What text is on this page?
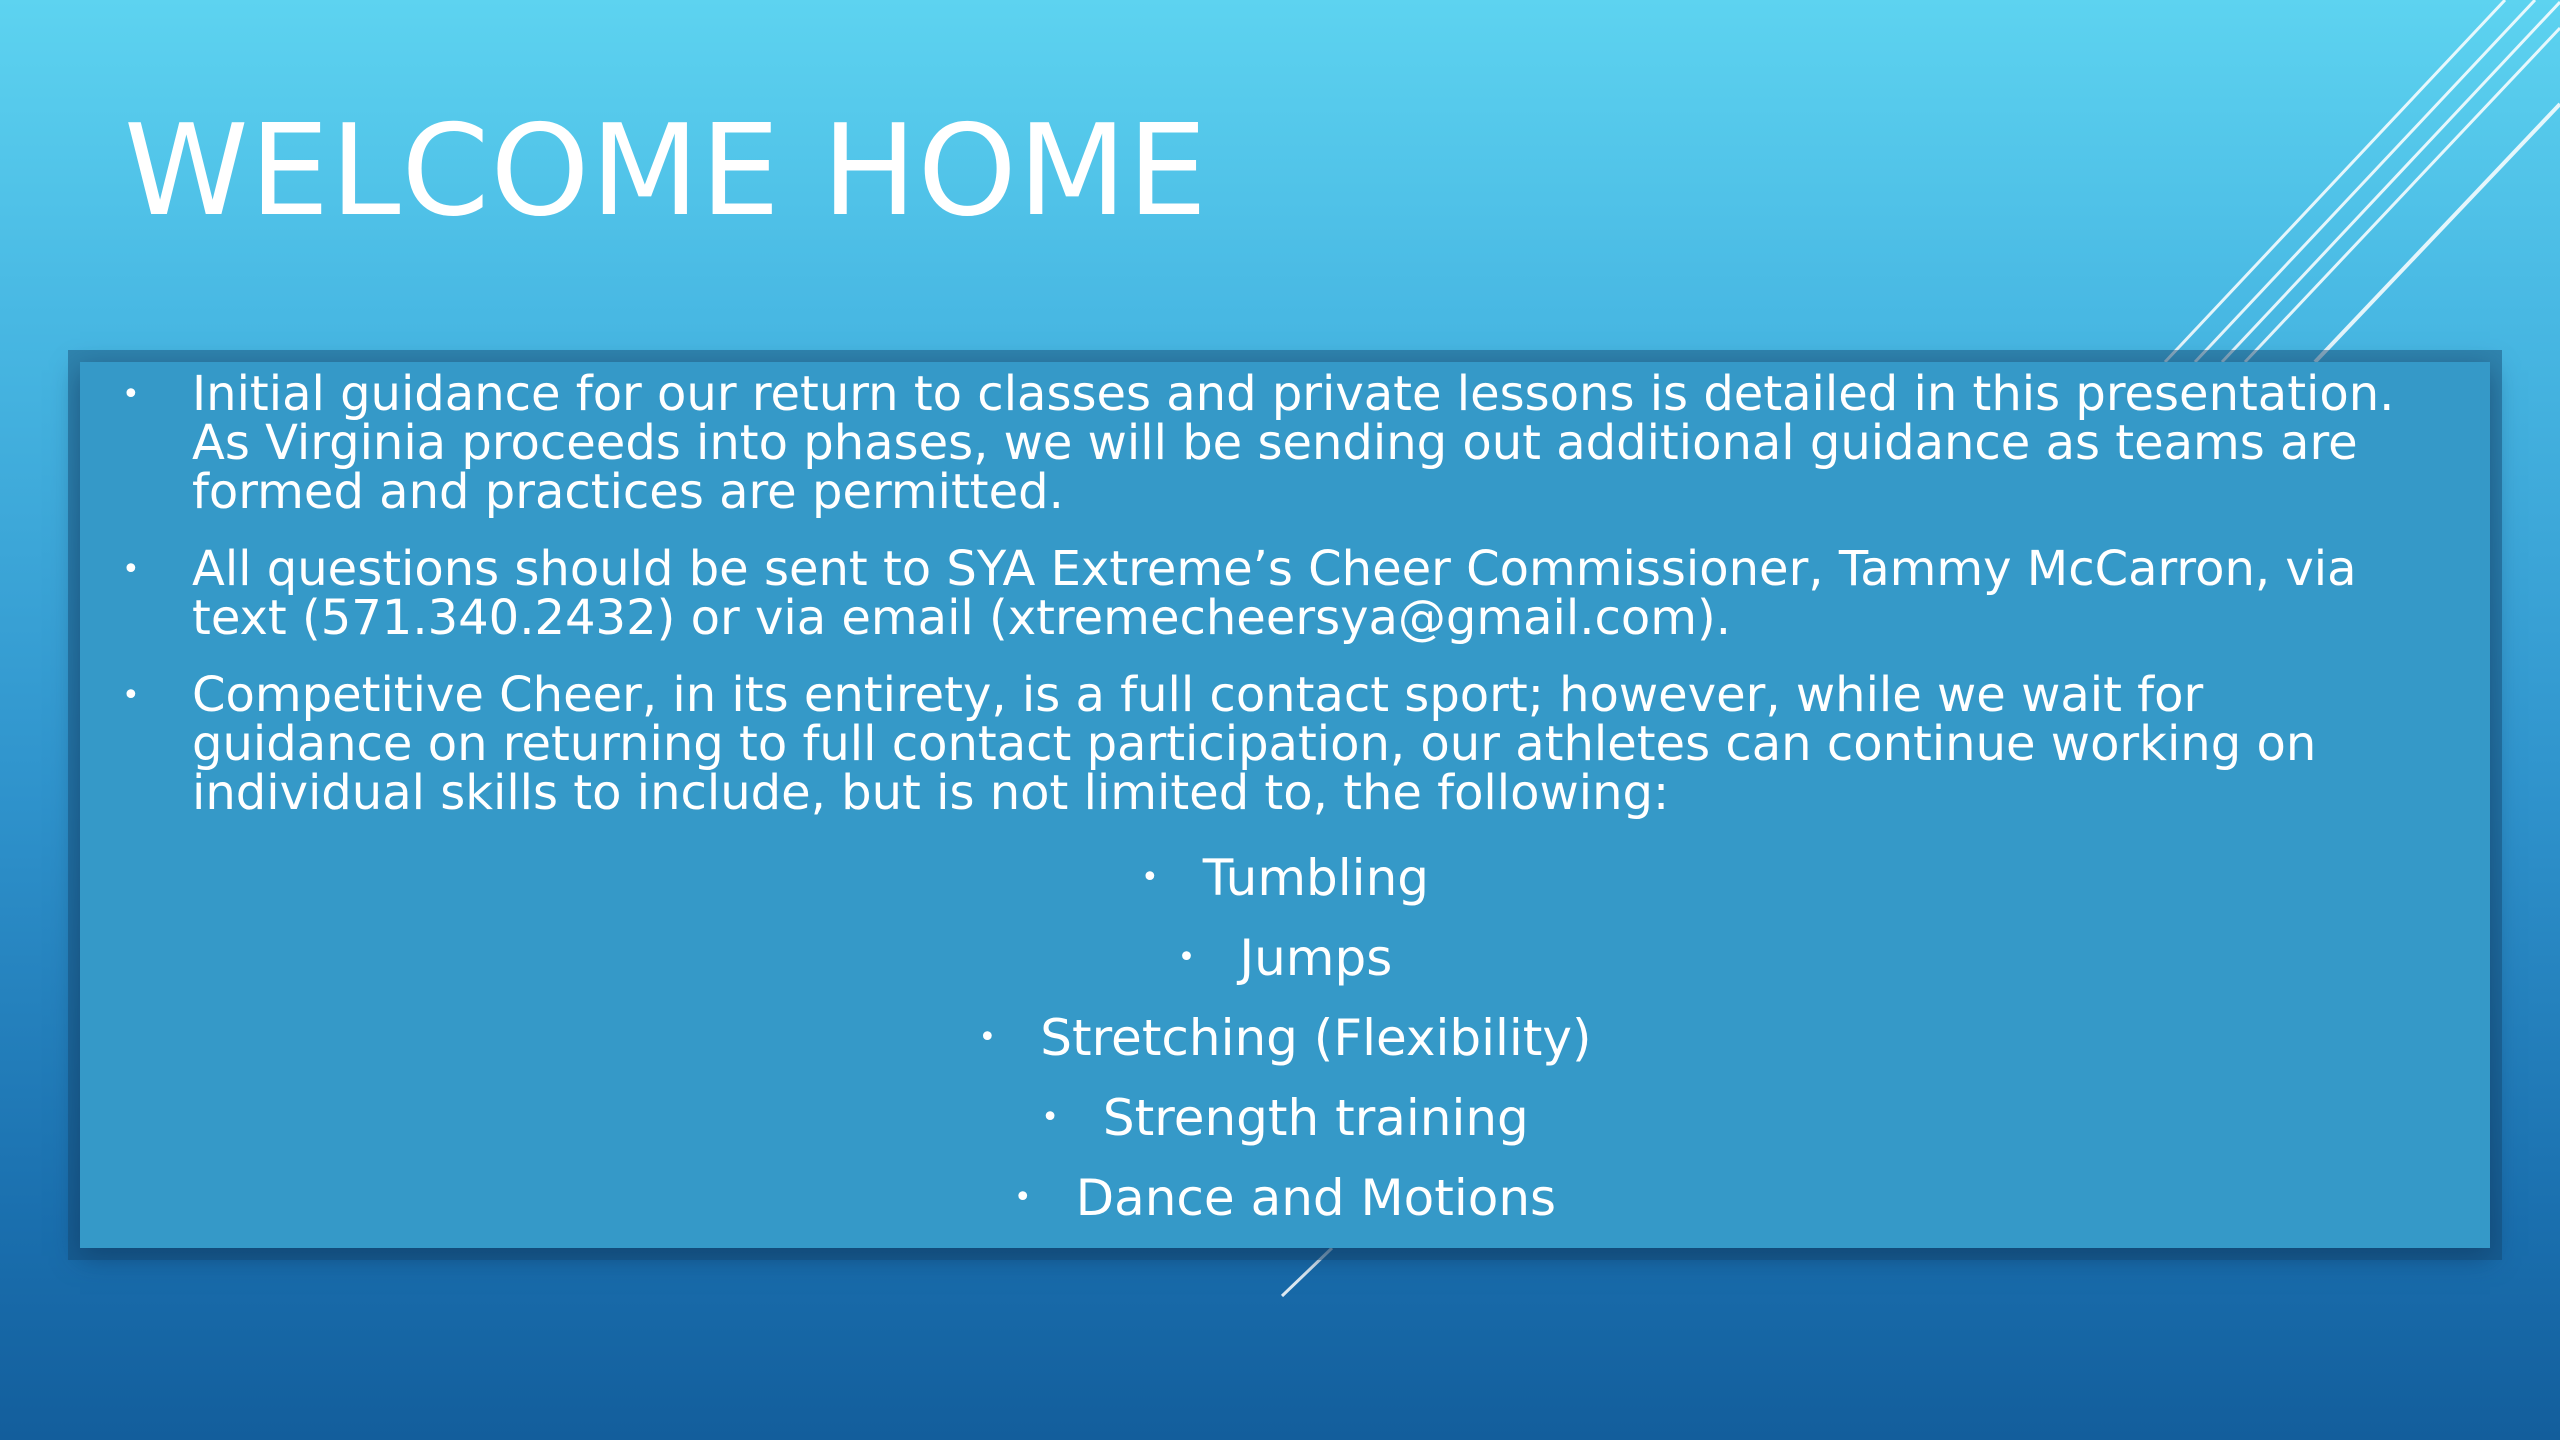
WELCOME HOME
• Initial guidance for our return to classes and private lessons is detailed in this presentation.
As Virginia proceeds into phases, we will be sending out additional guidance as teams are
formed and practices are permitted.
• All questions should be sent to SYA Extreme’s Cheer Commissioner, Tammy McCarron, via
text (571.340.2432) or via email (xtremecheersya@gmail.com).
• Competitive Cheer, in its entirety, is a full contact sport; however, while we wait for
guidance on returning to full contact participation, our athletes can continue working on
individual skills to include, but is not limited to, the following:
• Tumbling
• Jumps
• Stretching (Flexibility)
• Strength training
• Dance and Motions
